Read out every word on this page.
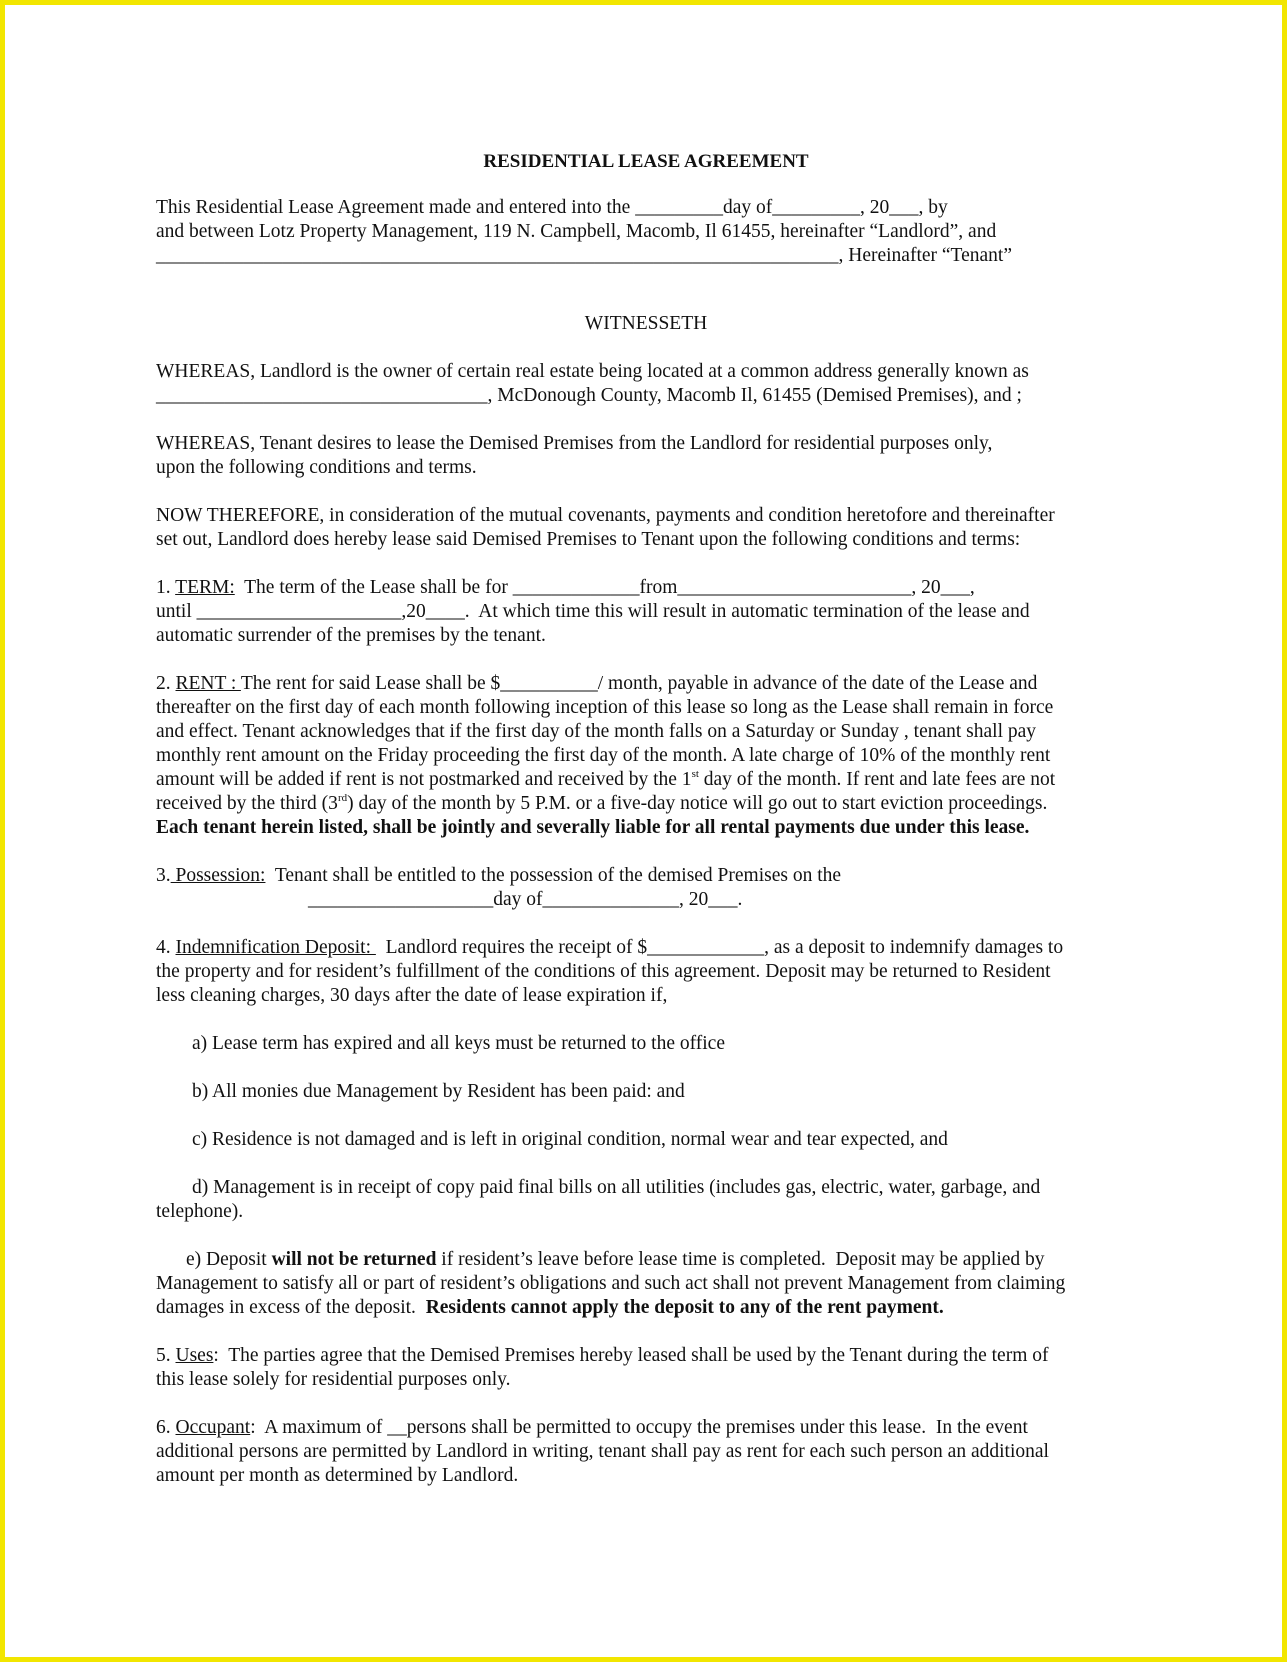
RESIDENTIAL LEASE AGREEMENT

This Residential Lease Agreement made and entered into the _________day of_________, 20___, by
and between Lotz Property Management, 119 N. Campbell, Macomb, Il 61455, hereinafter “Landlord”, and
______________________________________________________________________, Hereinafter “Tenant”

WITNESSETH

WHEREAS, Landlord is the owner of certain real estate being located at a common address generally known as
__________________________________, McDonough County, Macomb Il, 61455 (Demised Premises), and ;

WHEREAS, Tenant desires to lease the Demised Premises from the Landlord for residential purposes only,
upon the following conditions and terms.

NOW THEREFORE, in consideration of the mutual covenants, payments and condition heretofore and thereinafter
set out, Landlord does hereby lease said Demised Premises to Tenant upon the following conditions and terms:

1. TERM:  The term of the Lease shall be for _____________from________________________, 20___,
until _____________________,20____.  At which time this will result in automatic termination of the lease and
automatic surrender of the premises by the tenant.

2. RENT : The rent for said Lease shall be $__________/ month, payable in advance of the date of the Lease and
thereafter on the first day of each month following inception of this lease so long as the Lease shall remain in force
and effect. Tenant acknowledges that if the first day of the month falls on a Saturday or Sunday , tenant shall pay
monthly rent amount on the Friday proceeding the first day of the month. A late charge of 10% of the monthly rent
amount will be added if rent is not postmarked and received by the 1st day of the month. If rent and late fees are not
received by the third (3rd) day of the month by 5 P.M. or a five-day notice will go out to start eviction proceedings.
Each tenant herein listed, shall be jointly and severally liable for all rental payments due under this lease.

3. Possession:  Tenant shall be entitled to the possession of the demised Premises on the
___________________day of______________, 20___.

4. Indemnification Deposit:   Landlord requires the receipt of $____________, as a deposit to indemnify damages to
the property and for resident’s fulfillment of the conditions of this agreement. Deposit may be returned to Resident
less cleaning charges, 30 days after the date of lease expiration if,

a) Lease term has expired and all keys must be returned to the office

b) All monies due Management by Resident has been paid: and

c) Residence is not damaged and is left in original condition, normal wear and tear expected, and

d) Management is in receipt of copy paid final bills on all utilities (includes gas, electric, water, garbage, and
telephone).

e) Deposit will not be returned if resident’s leave before lease time is completed.  Deposit may be applied by
Management to satisfy all or part of resident’s obligations and such act shall not prevent Management from claiming
damages in excess of the deposit.  Residents cannot apply the deposit to any of the rent payment.

5. Uses:  The parties agree that the Demised Premises hereby leased shall be used by the Tenant during the term of
this lease solely for residential purposes only.

6. Occupant:  A maximum of __persons shall be permitted to occupy the premises under this lease.  In the event
additional persons are permitted by Landlord in writing, tenant shall pay as rent for each such person an additional
amount per month as determined by Landlord.
